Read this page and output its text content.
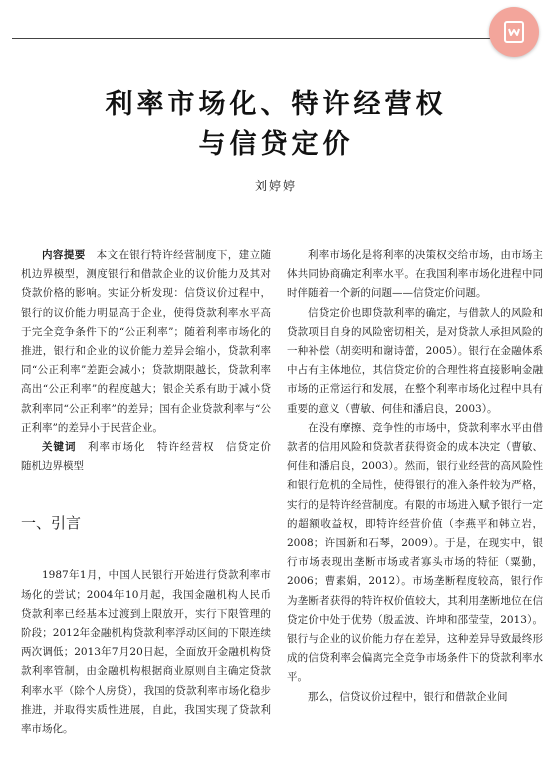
利率市场化、特许经营权
与信贷定价
刘婷婷

内容提要　 本文在银行特许经营制度下，建立随机边界模型，测度银行和借款企业的议价能力及其对贷款价格的影响。实证分析发现：信贷议价过程中，银行的议价能力明显高于企业，使得贷款利率水平高于完全竞争条件下的“公正利率”；随着利率市场化的推进，银行和企业的议价能力差异会缩小，贷款利率同“公正利率”差距会减小；贷款期限越长，贷款利率高出“公正利率”的程度越大；银企关系有助于减小贷款利率同“公正利率”的差异；国有企业贷款利率与“公正利率”的差异小于民营企业。

关键词　 利率市场化　特许经营权　信贷定价　随机边界模型

一、引言

1987年1月，中国人民银行开始进行贷款利率市场化的尝试；2004年10月起，我国金融机构人民币贷款利率已经基本过渡到上限放开，实行下限管理的阶段；2012年金融机构贷款利率浮动区间的下限连续两次调低；2013年7月20日起，全面放开金融机构贷款利率管制，由金融机构根据商业原则自主确定贷款利率水平（除个人房贷），我国的贷款利率市场化稳步推进，并取得实质性进展，自此，我国实现了贷款利率市场化。

利率市场化是将利率的决策权交给市场，由市场主体共同协商确定利率水平。在我国利率市场化进程中同时伴随着一个新的问题——信贷定价问题。

信贷定价也即贷款利率的确定，与借款人的风险和贷款项目自身的风险密切相关，是对贷款人承担风险的一种补偿（胡奕明和谢诗蕾，2005）。银行在金融体系中占有主体地位，其信贷定价的合理性将直接影响金融市场的正常运行和发展，在整个利率市场化过程中具有重要的意义（曹敏、何佳和潘启良，2003）。

在没有摩擦、竞争性的市场中，贷款利率水平由借款者的信用风险和贷款者获得资金的成本决定（曹敏、何佳和潘启良，2003）。然而，银行业经营的高风险性和银行危机的全局性，使得银行的准入条件较为严格，实行的是特许经营制度。有限的市场进入赋予银行一定的超额收益权，即特许经营价值（李燕平和韩立岩，2008；许国新和石琴，2009）。于是，在现实中，银行市场表现出垄断市场或者寡头市场的特征（粟勤，2006；曹素娟，2012）。市场垄断程度较高，银行作为垄断者获得的特许权价值较大，其利用垄断地位在信贷定价中处于优势（殷孟波、许坤和邵莹莹，2013）。银行与企业的议价能力存在差异，这种差异导致最终形成的信贷利率会偏离完全竞争市场条件下的贷款利率水平。

那么，信贷议价过程中，银行和借款企业间
